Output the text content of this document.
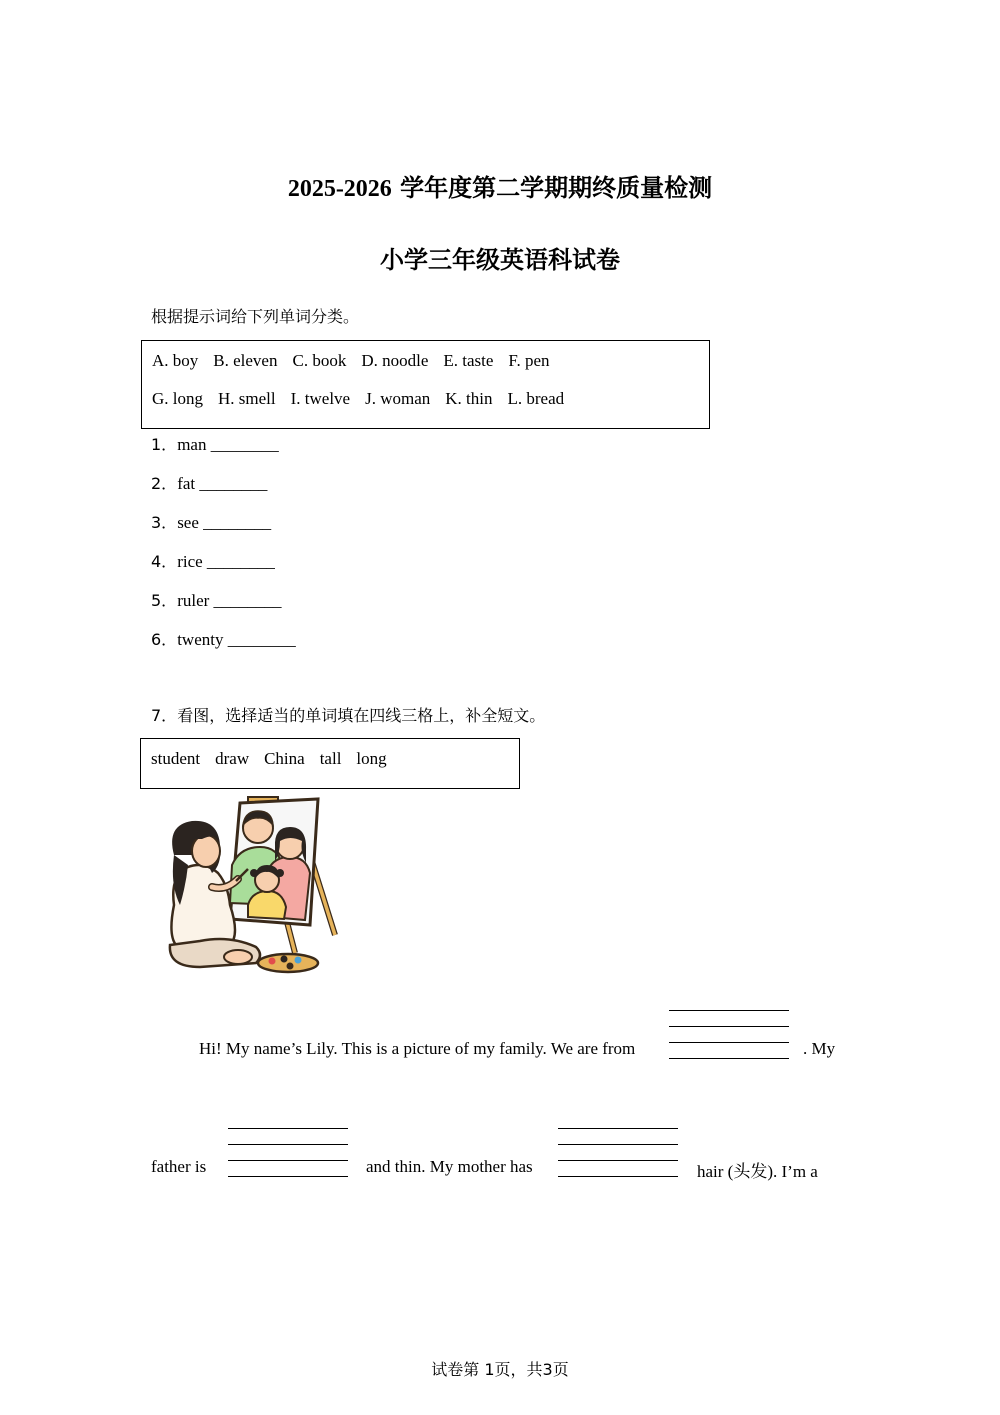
2025-2026 学年度第二学期期终质量检测
小学三年级英语科试卷
根据提示词给下列单词分类。
A. boy B. eleven C. book D. noodle E. taste F. pen
G. long H. smell I. twelve J. woman K. thin L. bread
1．man ________
2．fat ________
3．see ________
4．rice ________
5．ruler ________
6．twenty ________
7．看图，选择适当的单词填在四线三格上，补全短文。
student draw China tall long
Hi! My name’s Lily. This is a picture of my family. We are from	. My
father is	and thin. My mother has	hair (头发). I’m a
试卷第 1页，共3页
